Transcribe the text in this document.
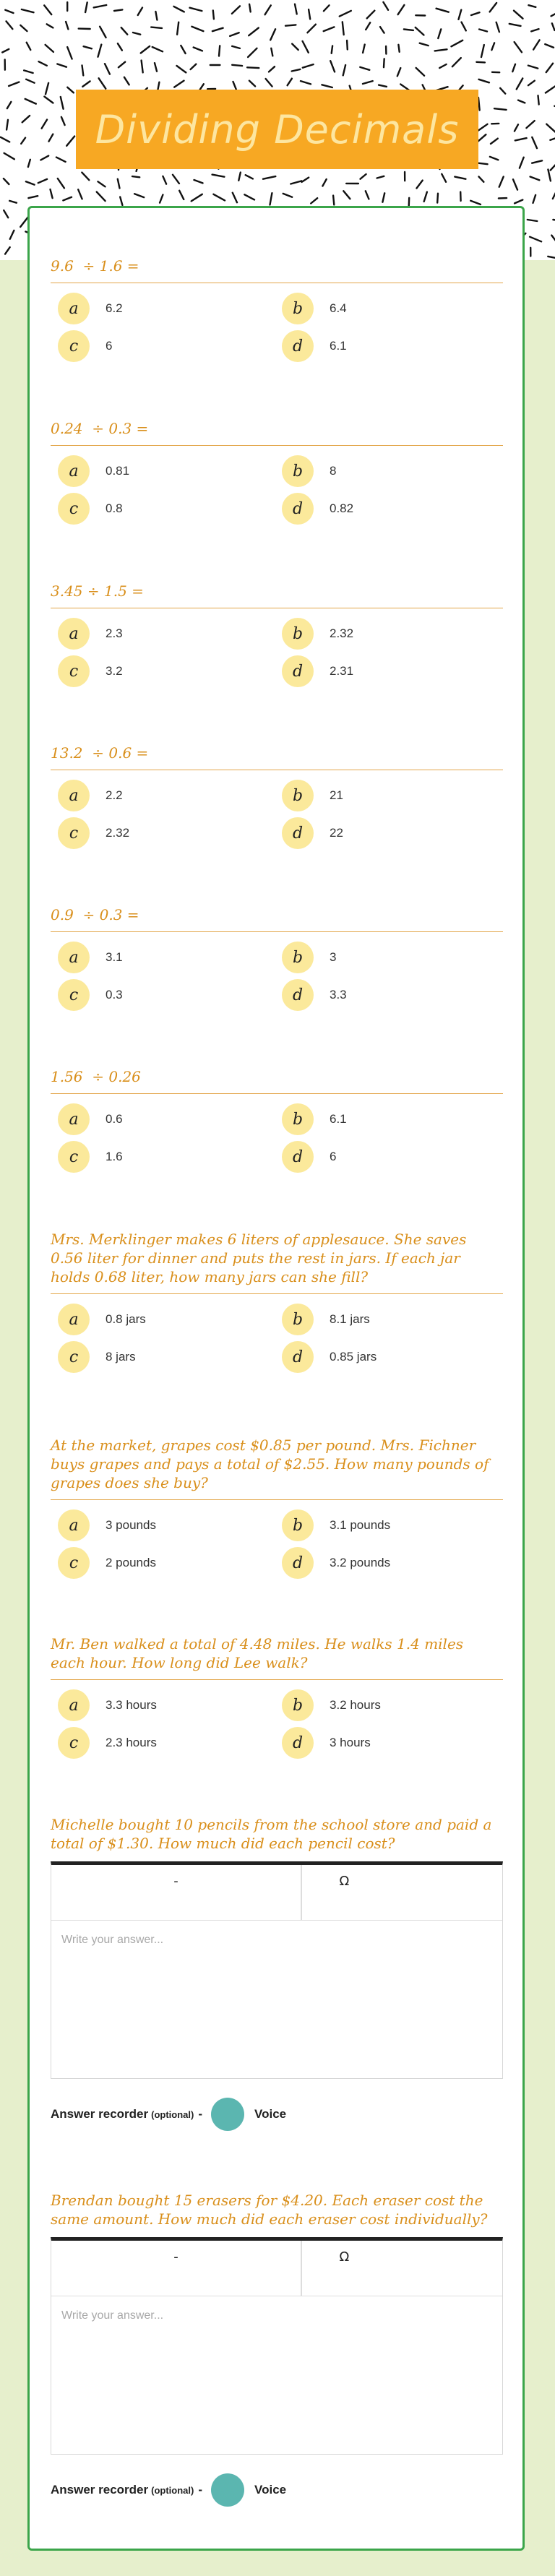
Dividing Decimals
9.6  ÷ 1.6 =
a	6.2	b	6.4
c	6	d	6.1
0.24  ÷ 0.3 =
a	0.81	b	8
c	0.8	d	0.82
3.45 ÷ 1.5 =
a	2.3	b	2.32
c	3.2	d	2.31
13.2  ÷ 0.6 =
a	2.2	b	21
c	2.32	d	22
0.9  ÷ 0.3 =
a	3.1	b	3
c	0.3	d	3.3
1.56  ÷ 0.26
a	0.6	b	6.1
c	1.6	d	6
Mrs. Merklinger makes 6 liters of applesauce. She saves
0.56 liter for dinner and puts the rest in jars. If each jar
holds 0.68 liter, how many jars can she fill?
a	0.8 jars	b	8.1 jars
c	8 jars	d	0.85 jars
At the market, grapes cost $0.85 per pound. Mrs. Fichner
buys grapes and pays a total of $2.55. How many pounds of
grapes does she buy?
a	3 pounds	b	3.1 pounds
c	2 pounds	d	3.2 pounds
Mr. Ben walked a total of 4.48 miles. He walks 1.4 miles
each hour. How long did Lee walk?
a	3.3 hours	b	3.2 hours
c	2.3 hours	d	3 hours
Michelle bought 10 pencils from the school store and paid a
total of $1.30. How much did each pencil cost?
-	Ω
Write your answer...
Answer recorder (optional) -	Voice
Brendan bought 15 erasers for $4.20. Each eraser cost the
same amount. How much did each eraser cost individually?
-	Ω
Write your answer...
Answer recorder (optional) -	Voice
